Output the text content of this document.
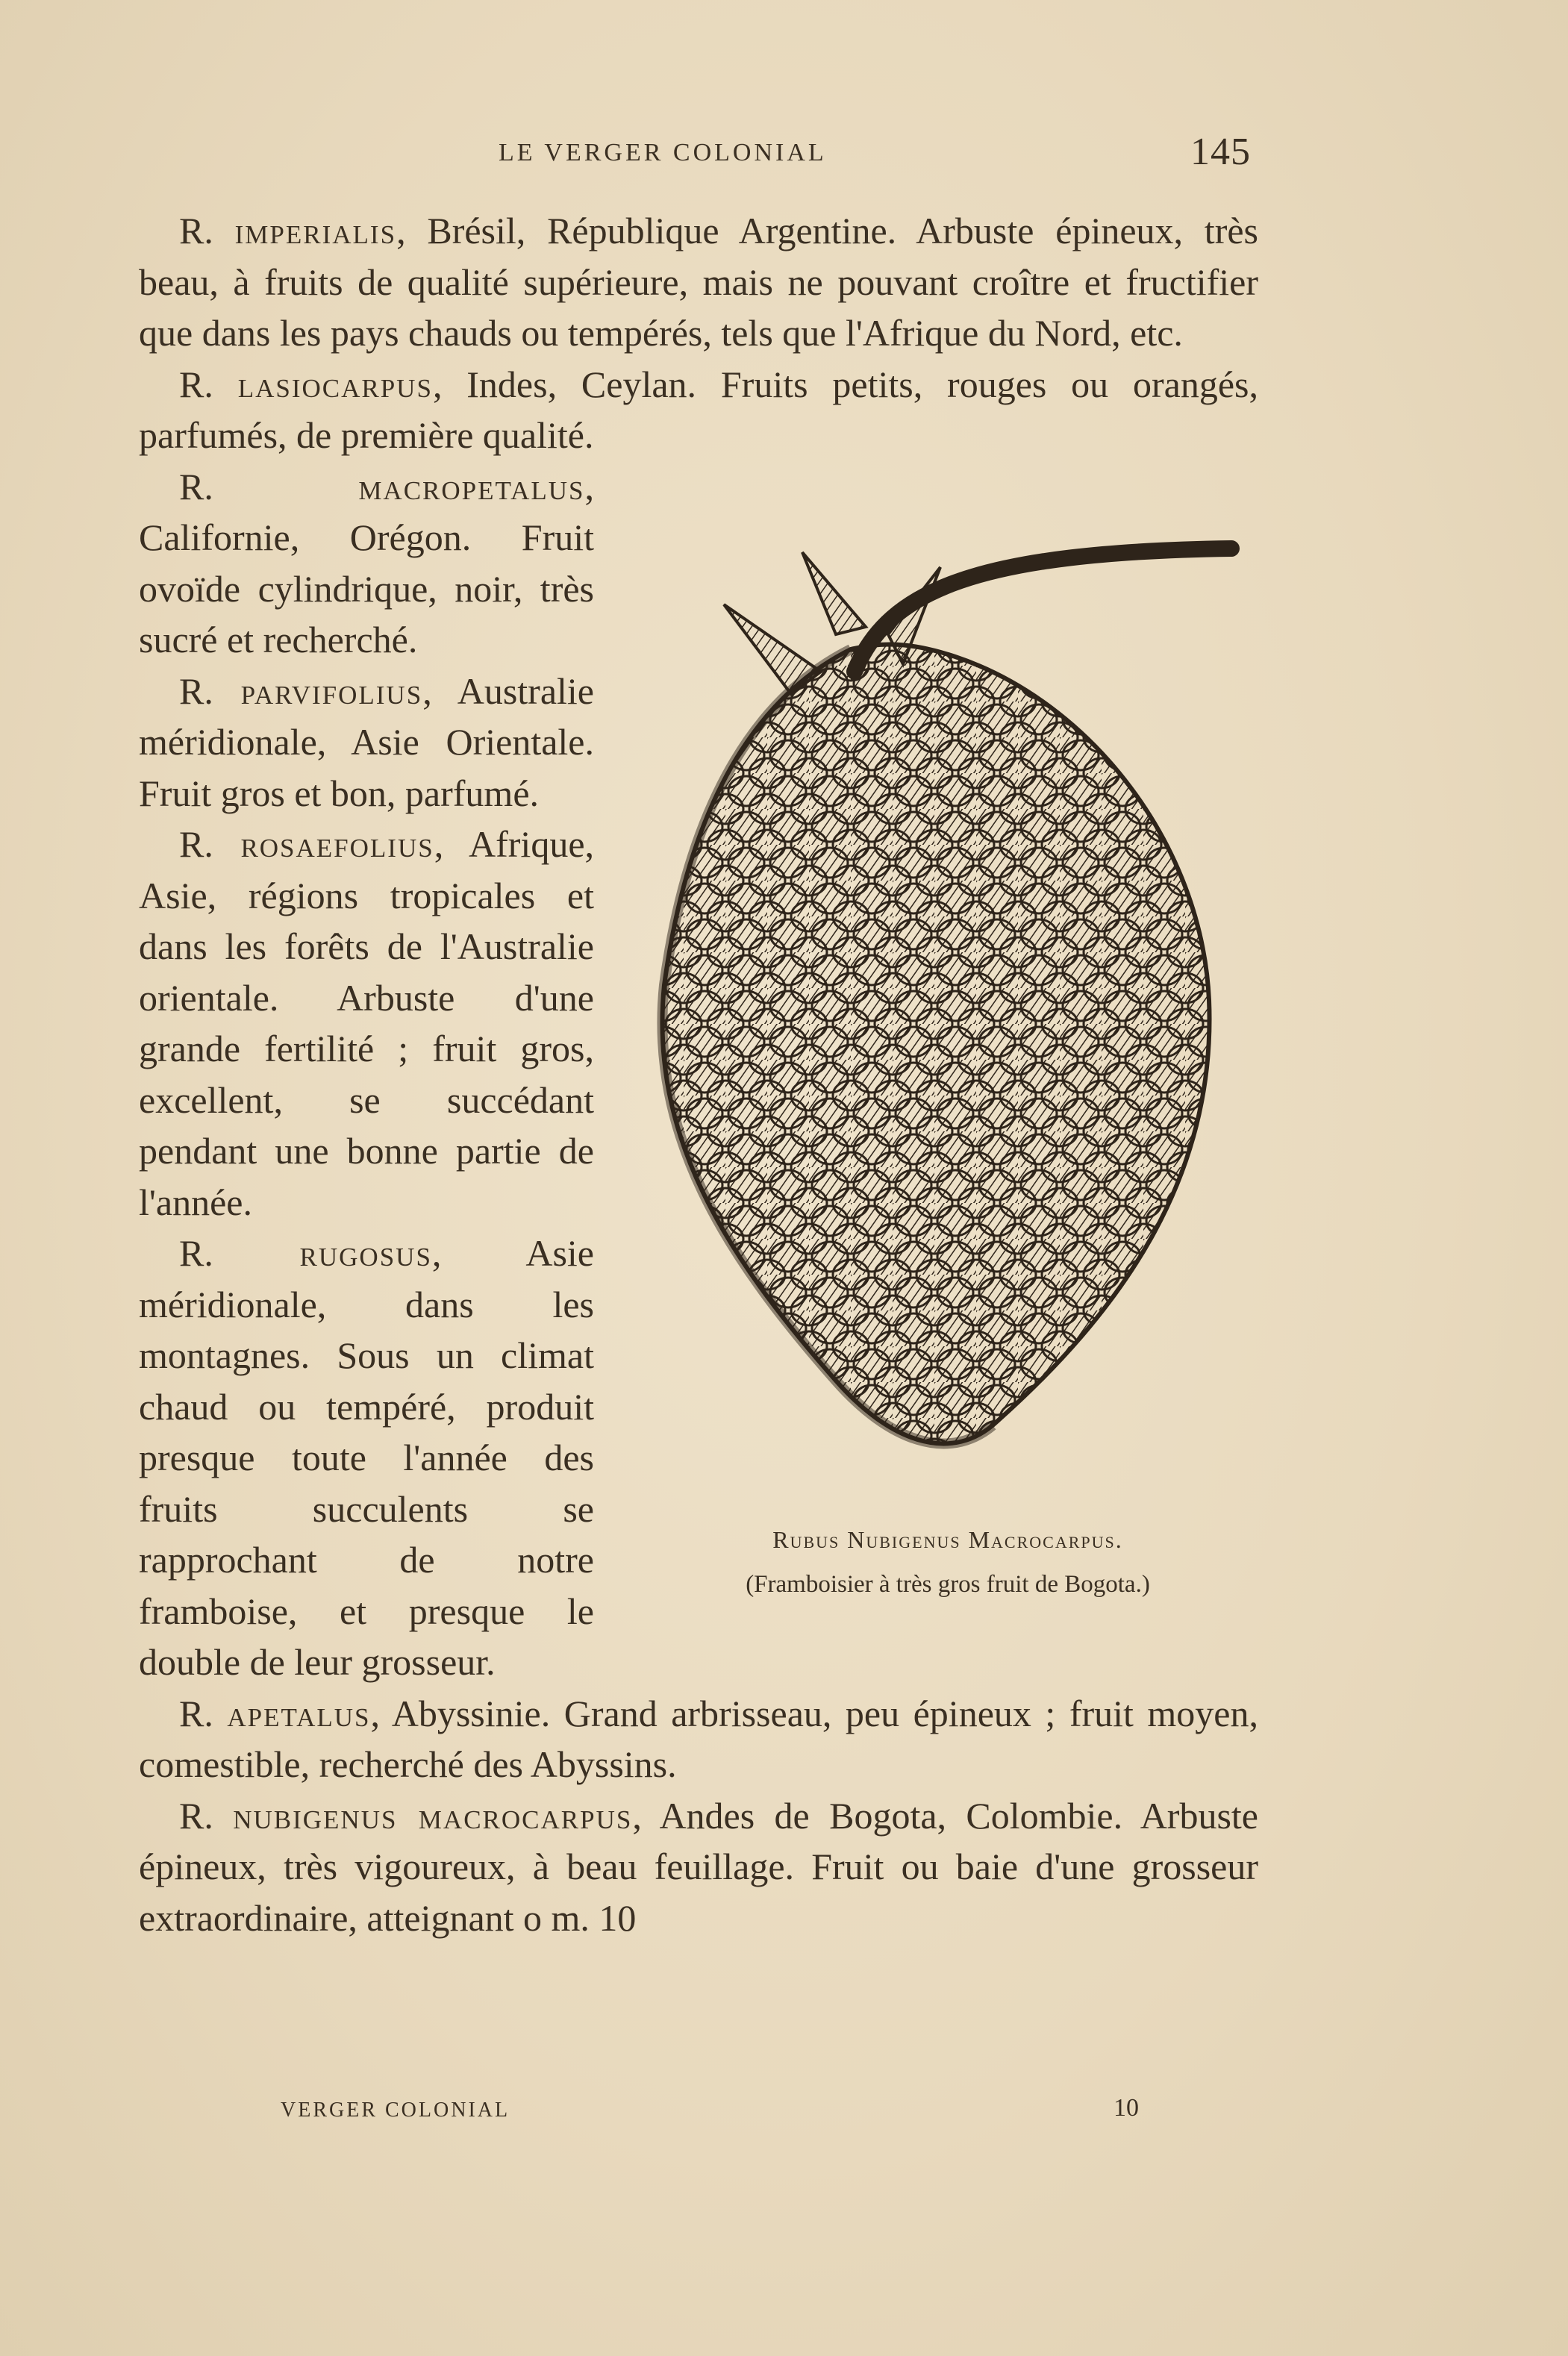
LE VERGER COLONIAL	145

R. imperialis, Brésil, République Argentine. Arbuste épineux, très beau, à fruits de qualité supérieure, mais ne pouvant croître et fructifier que dans les pays chauds ou tempérés, tels que l'Afrique du Nord, etc.

R. lasiocarpus, Indes, Ceylan. Fruits petits, rouges ou orangés, parfumés, de première qualité.

R.	macropetalus, Californie, Orégon. Fruit ovoïde cylindrique, noir, très sucré et recherché.

R. parvifolius, Australie méridionale, Asie Orientale. Fruit gros et bon, parfumé.

R. rosaefolius, Afrique, Asie, régions tropicales et dans les forêts de l'Australie orientale. Arbuste d'une grande fertilité ; fruit gros, excellent, se succédant pendant une bonne partie de l'année.

R. rugosus, Asie méridionale, dans les montagnes. Sous un climat chaud ou tempéré, produit presque toute l'année des fruits succulents se rapprochant de notre framboise, et presque le double de leur grosseur.

R. apetalus, Abyssinie. Grand arbrisseau, peu épineux ; fruit moyen, comestible, recherché des Abyssins.

R. nubigenus macrocarpus, Andes de Bogota, Colombie. Arbuste épineux, très vigoureux, à beau feuillage. Fruit ou baie d'une grosseur extraordinaire, atteignant o m. 10

Rubus Nubigenus Macrocarpus.
(Framboisier à très gros fruit de Bogota.)
VERGER COLONIAL	10
